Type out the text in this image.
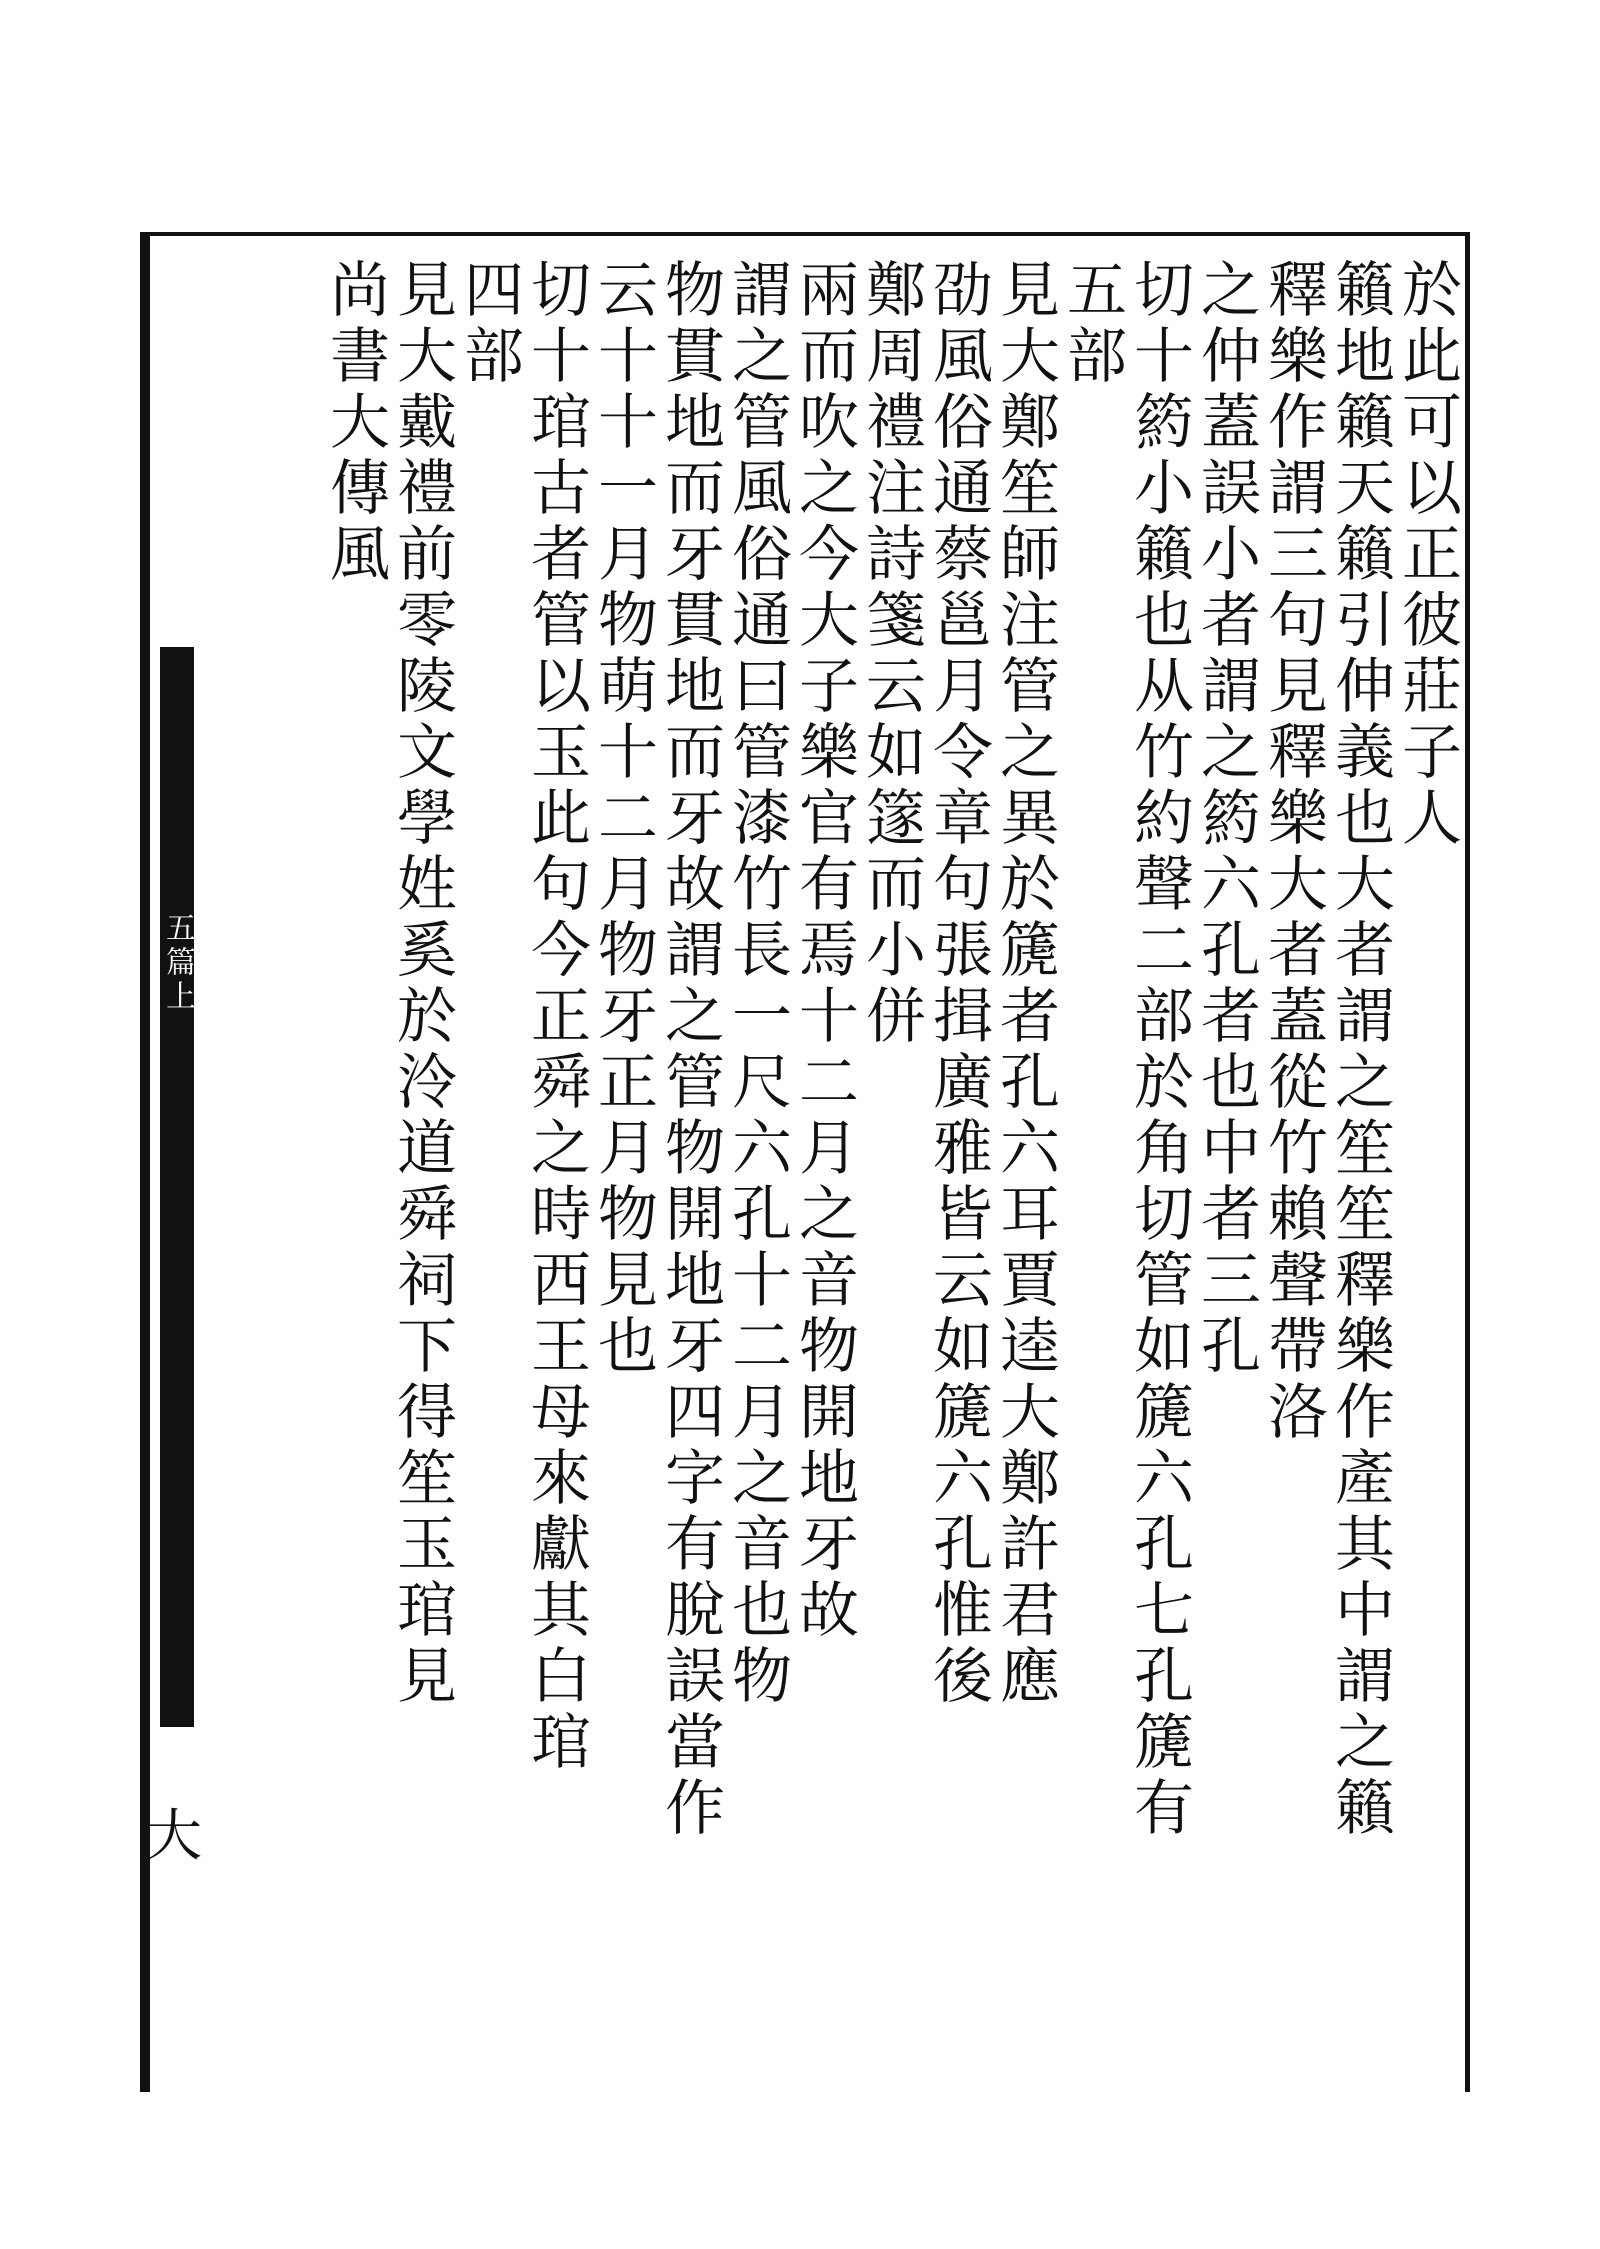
五篇上
大
於此可以正彼莊子人
籟地籟天籟引伸義也大者謂之笙笙釋樂作產其中謂之籟
釋樂作謂三句見釋樂大者蓋從竹賴聲帶洛
之仲蓋誤小者謂之箹六孔者也中者三孔
切十箹小籟也从竹約聲二部於角切管如篪六孔七孔篪有
五部
見大鄭笙師注管之異於篪者孔六耳賈逵大鄭許君應
劭風俗通蔡邕月令章句張揖廣雅皆云如篪六孔惟後
鄭周禮注詩箋云如篴而小併
兩而吹之今大子樂官有焉十二月之音物開地牙故
謂之管風俗通曰管漆竹長一尺六孔十二月之音也物
物貫地而牙貫地而牙故謂之管物開地牙四字有脫誤當作
云十十一月物萌十二月物牙正月物見也
切十琯古者管以玉此句今正舜之時西王母來獻其白琯
四部
見大戴禮前零陵文學姓奚於泠道舜祠下得笙玉琯見
尚書大傳風
